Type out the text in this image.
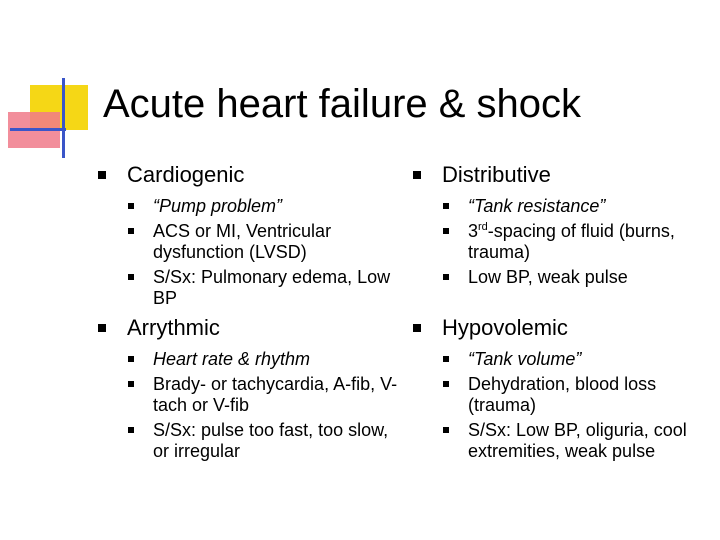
Acute heart failure & shock
Cardiogenic
“Pump problem”
ACS or MI, Ventricular dysfunction (LVSD)
S/Sx: Pulmonary edema, Low BP
Arrythmic
Heart rate & rhythm
Brady- or tachycardia, A-fib, V-tach or V-fib
S/Sx: pulse too fast, too slow, or irregular
Distributive
“Tank resistance”
3rd-spacing of fluid (burns, trauma)
Low BP, weak pulse
Hypovolemic
“Tank volume”
Dehydration, blood loss (trauma)
S/Sx: Low BP, oliguria, cool extremities, weak pulse
